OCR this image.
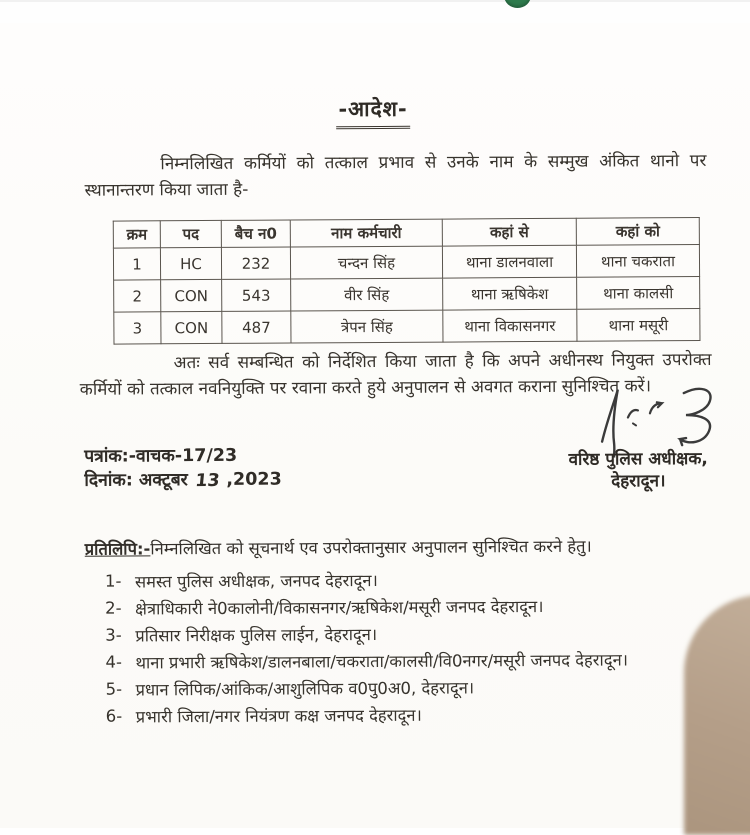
-आदेश-
निम्नलिखित कर्मियों को तत्काल प्रभाव से उनके नाम के सम्मुख अंकित थानो पर स्थानान्तरण किया जाता है-
क्रम	पद	बैच न0	नाम कर्मचारी	कहां से	कहां को
1	HC	232	चन्दन सिंह	थाना डालनवाला	थाना चकराता
2	CON	543	वीर सिंह	थाना ऋषिकेश	थाना कालसी
3	CON	487	त्रेपन सिंह	थाना विकासनगर	थाना मसूरी
अतः सर्व सम्बन्धित को निर्देशित किया जाता है कि अपने अधीनस्थ नियुक्त उपरोक्त कर्मियों को तत्काल नवनियुक्ति पर रवाना करते हुये अनुपालन से अवगत कराना सुनिश्चित करें।
पत्रांक:-वाचक-17/23
दिनांक: अक्टूबर 13 ,2023
वरिष्ठ पुलिस अधीक्षक,
देहरादून।
प्रतिलिपि:-निम्नलिखित को सूचनार्थ एव उपरोक्तानुसार अनुपालन सुनिश्चित करने हेतु।
1- समस्त पुलिस अधीक्षक, जनपद देहरादून।
2- क्षेत्राधिकारी ने0कालोनी/विकासनगर/ऋषिकेश/मसूरी जनपद देहरादून।
3- प्रतिसार निरीक्षक पुलिस लाईन, देहरादून।
4- थाना प्रभारी ऋषिकेश/डालनबाला/चकराता/कालसी/वि0नगर/मसूरी जनपद देहरादून।
5- प्रधान लिपिक/आंकिक/आशुलिपिक व0पु0अ0, देहरादून।
6- प्रभारी जिला/नगर नियंत्रण कक्ष जनपद देहरादून।
